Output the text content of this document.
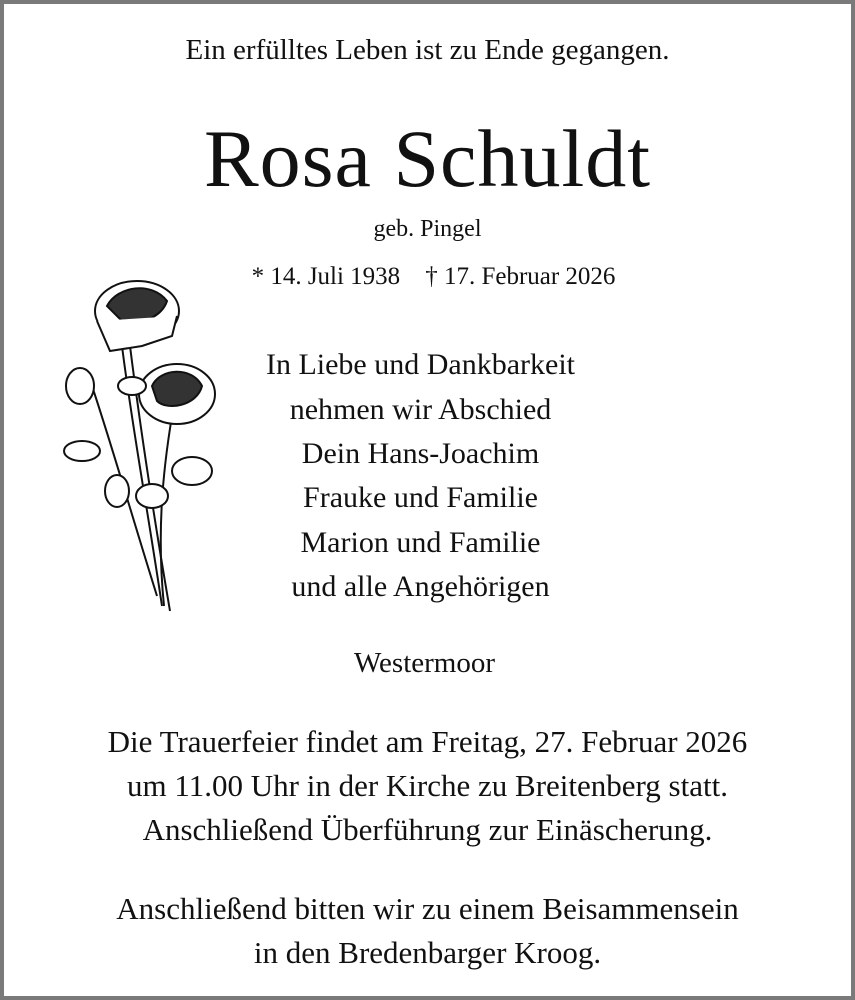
Ein erfülltes Leben ist zu Ende gegangen.
Rosa Schuldt
geb. Pingel
* 14. Juli 1938 † 17. Februar 2026
In Liebe und Dankbarkeit
nehmen wir Abschied
Dein Hans-Joachim
Frauke und Familie
Marion und Familie
und alle Angehörigen
Westermoor
Die Trauerfeier findet am Freitag, 27. Februar 2026
um 11.00 Uhr in der Kirche zu Breitenberg statt.
Anschließend Überführung zur Einäscherung.
Anschließend bitten wir zu einem Beisammensein
in den Bredenbarger Kroog.
